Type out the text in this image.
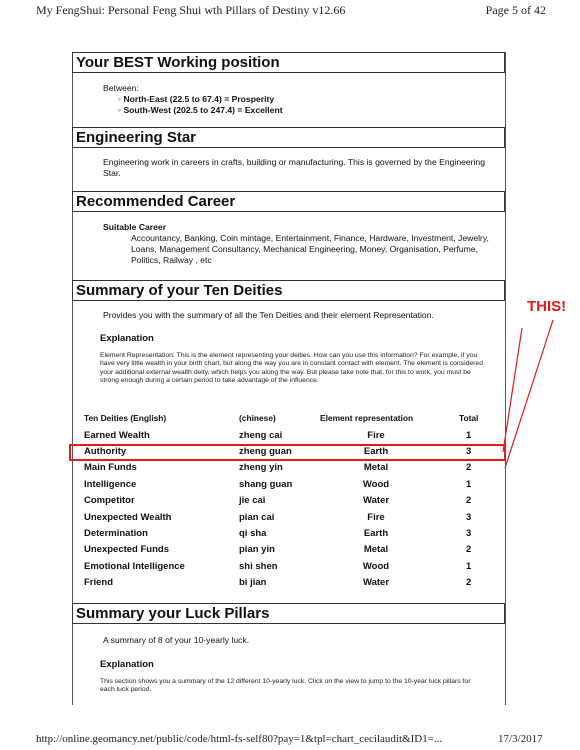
My FengShui: Personal Feng Shui wth Pillars of Destiny v12.66	Page 5 of 42
Your BEST Working position
Between:
◦ North-East (22.5 to 67.4) = Prosperity
◦ South-West (202.5 to 247.4) = Excellent
Engineering Star
Engineering work in careers in crafts, building or manufacturing. This is governed by the Engineering Star.
Recommended Career
Suitable Career
Accountancy, Banking, Coin mintage, Entertainment, Finance, Hardware, Investment, Jewelry, Loans, Management Consultancy, Mechanical Engineering, Money, Organisation, Perfume, Politics, Railway , etc
Summary of your Ten Deities
Provides you with the summary of all the Ten Deities and their element Representation.
Explanation
Element Representation: This is the element representing your deities. How can you use this information? For example, if you have very little wealth in your birth chart, but along the way you are in constant contact with element. The element is considered your additional external wealth deity, which helps you along the way. But please take note that, for this to work, you must be strong enough during a certain period to take advantage of the influence.
Ten Deities (English)	(chinese)	Element representation	Total
Earned Wealth	zheng cai	Fire	1
Authority	zheng guan	Earth	3
Main Funds	zheng yin	Metal	2
Intelligence	shang guan	Wood	1
Competitor	jie cai	Water	2
Unexpected Wealth	pian cai	Fire	3
Determination	qi sha	Earth	3
Unexpected Funds	pian yin	Metal	2
Emotional Intelligence	shi shen	Wood	1
Friend	bi jian	Water	2
Summary your Luck Pillars
A summary of 8 of your 10-yearly luck.
Explanation
This section shows you a summary of the 12 different 10-yearly luck. Click on the view to jump to the 10-year luck pillars for each luck period.
THIS!
http://online.geomancy.net/public/code/html-fs-self80?pay=1&tpl=chart_cecilaudit&ID1=...	17/3/2017
